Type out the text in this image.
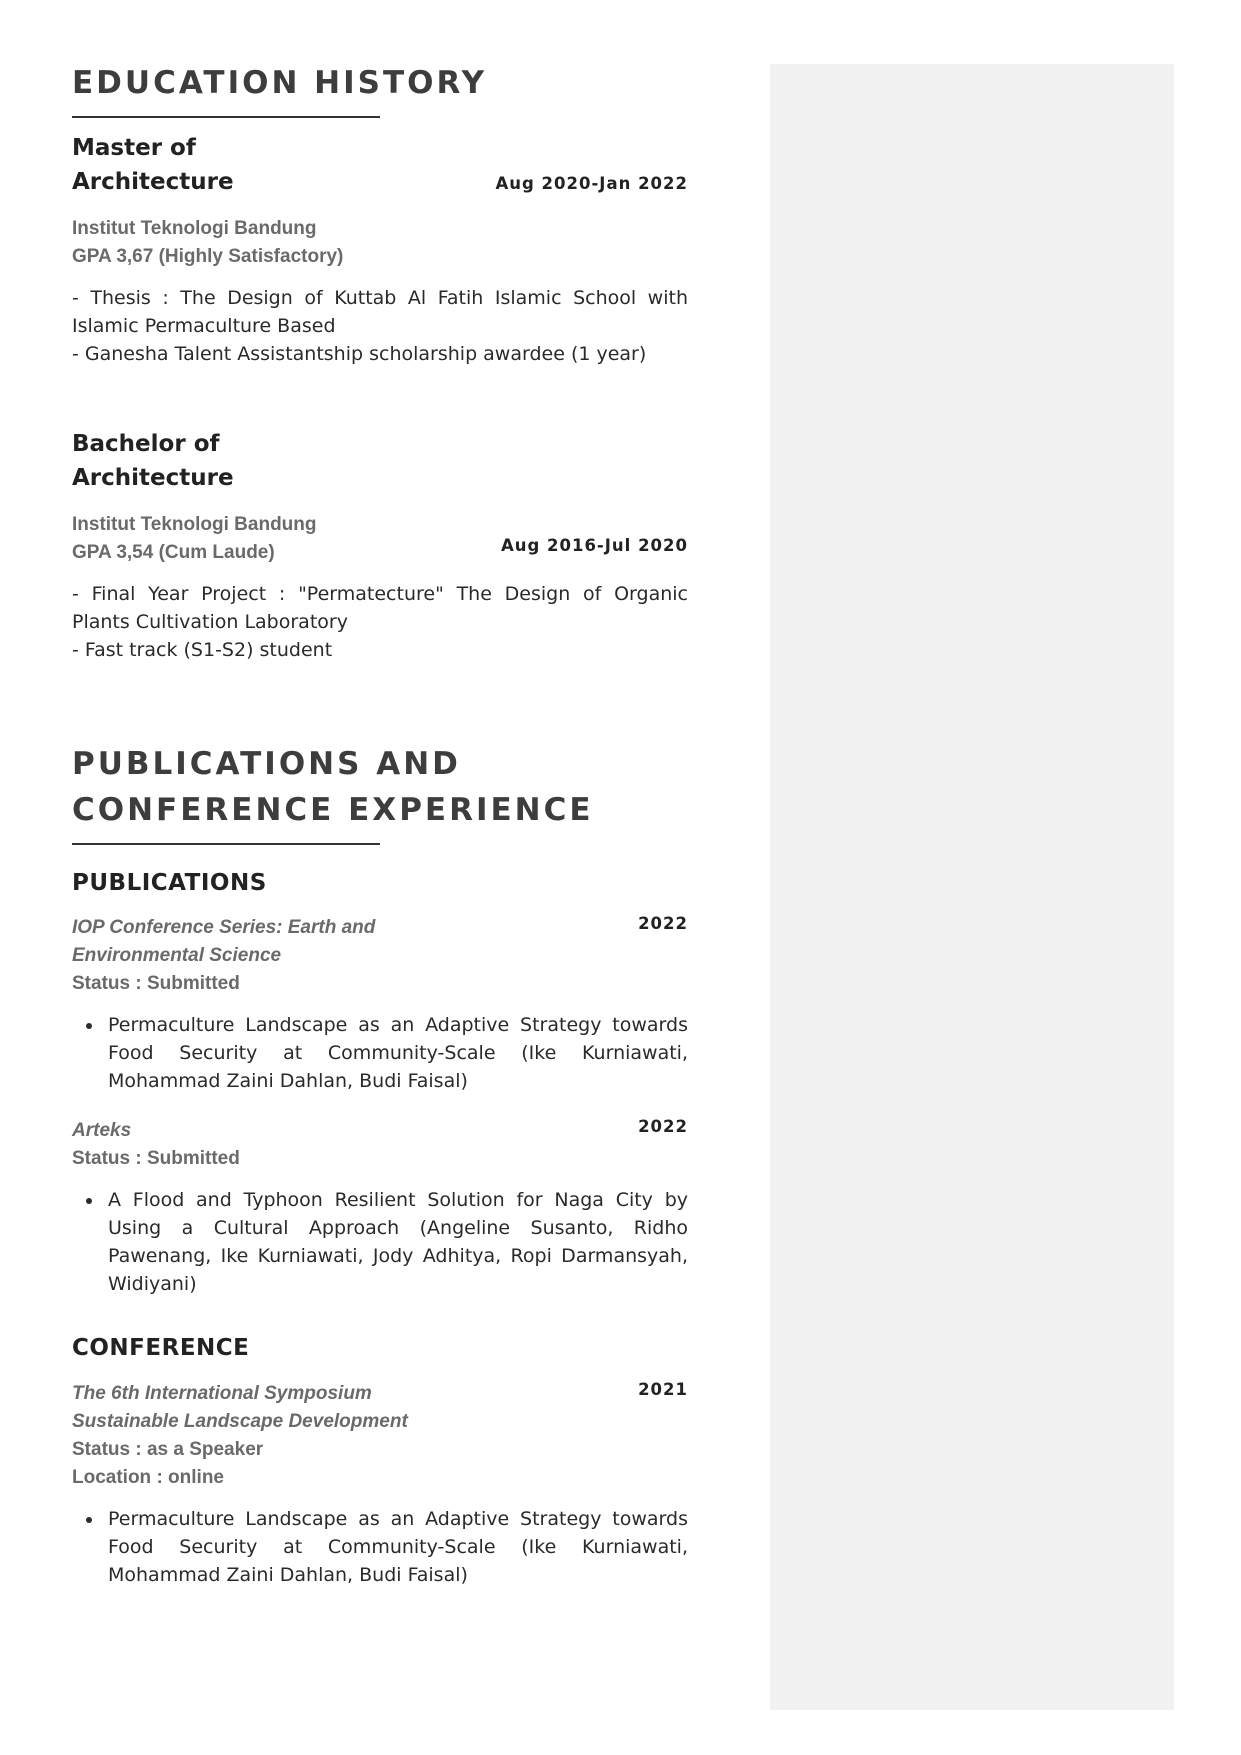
EDUCATION HISTORY
Master of
Architecture	Aug 2020-Jan 2022
Institut Teknologi Bandung
GPA 3,67 (Highly Satisfactory)
- Thesis : The Design of Kuttab Al Fatih Islamic School with Islamic Permaculture Based
- Ganesha Talent Assistantship scholarship awardee (1 year)
Bachelor of
Architecture
Aug 2016-Jul 2020
Institut Teknologi Bandung
GPA 3,54 (Cum Laude)
- Final Year Project : "Permatecture" The Design of Organic Plants Cultivation Laboratory
- Fast track (S1-S2) student
PUBLICATIONS AND
CONFERENCE EXPERIENCE
PUBLICATIONS
IOP Conference Series: Earth and
Environmental Science
Status : Submitted
2022
Permaculture Landscape as an Adaptive Strategy towards Food Security at Community-Scale (Ike Kurniawati, Mohammad Zaini Dahlan, Budi Faisal)
Arteks
Status : Submitted
2022
A Flood and Typhoon Resilient Solution for Naga City by Using a Cultural Approach (Angeline Susanto, Ridho Pawenang, Ike Kurniawati, Jody Adhitya, Ropi Darmansyah, Widiyani)
CONFERENCE
The 6th International Symposium
Sustainable Landscape Development
Status : as a Speaker
Location : online
2021
Permaculture Landscape as an Adaptive Strategy towards Food Security at Community-Scale (Ike Kurniawati, Mohammad Zaini Dahlan, Budi Faisal)
